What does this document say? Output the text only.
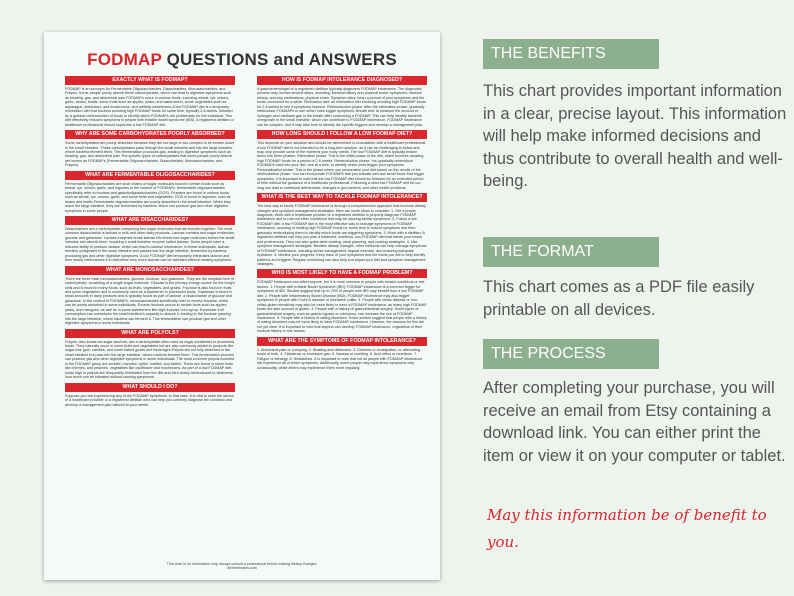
FODMAP QUESTIONS and ANSWERS
EXACTLY WHAT IS FODMAP?
FODMAP is an acronym for Fermentable Oligosaccharides, Disaccharides, Monosaccharides, and Polyols. Some people poorly absorb these carbohydrates, which can lead to digestive symptoms such as bloating, gas, and abdominal pain.FODMAPs occur in various foods, including wheat, rye, onions, garlic, beans, lentils, some fruits such as apples, pears, and watermelon, some vegetables such as asparagus, artichokes, and mushrooms, and artificial sweeteners.A low FODMAP diet is a temporary elimination diet that involves avoiding high FODMAP foods for some time, typically 2-6 weeks, followed by a gradual reintroduction of foods to identify which FODMAPs are problematic for the individual. This diet effectively reduces symptoms in people with irritable bowel syndrome (IBS). A registered dietitian or healthcare professional should supervise a low FODMAP diet.
WHY ARE SOME CARBOHYDRATES POORLY ABSORBED?
Some carbohydrates are poorly absorbed because they are too large or too complex to be broken down in the small intestine. These carbohydrates pass through the small intestine and into the large intestine, where bacteria ferment them. This fermentation produces gas, leading to digestive symptoms such as bloating, gas, and abdominal pain.The specific types of carbohydrates that some people poorly absorb are known as FODMAPs (Fermentable Oligosaccharides, Disaccharides, Monosaccharides, and Polyols).
WHAT ARE FERMENTABLE OLIGOSACCHARIDES?
Fermentable Oligosaccharides are short chains of sugar molecules found in certain foods such as wheat, rye, onions, garlic, and legumes.In the context of FODMAPs, fermentable oligosaccharides specifically refer to fructans and galactooligosaccharides (GOS). Fructans are found in various foods such as wheat, rye, onions, garlic, and some fruits and vegetables. GOS is found in legumes, such as beans and lentils.Fermentable oligosaccharides are poorly absorbed in the small intestine. When they reach the large intestine, they are fermented by bacteria, which can produce gas and other digestive symptoms in some people.
WHAT ARE DISACCHARIDES?
Disaccharides are a carbohydrate comprising two sugar molecules that are bonded together. The most common disaccharide is lactose in milk and other dairy products. Lactose contains two sugar molecules: glucose and galactose. Lactase enzymes break lactose into these two sugar molecules before the small intestine can absorb them, requiring a small intestine enzyme called lactase. Some people have a reduced ability to produce lactase, which can lead to lactose intolerance. In these individuals, lactose remains undigested in the small intestine and passes into the large intestine, fermented by bacteria, producing gas and other digestive symptoms. A low FODMAP diet temporarily eliminates lactose and then slowly reintroduces it to determine how much lactose can be tolerated without causing symptoms.
WHAT ARE MONOSACCHARIDES?
There are three main monosaccharides: glucose, fructose, and galactose. They are the simplest form of carbohydrate, consisting of a single sugar molecule. Glucose is the primary energy source for the body's cells and is found in many foods, such as fruits, vegetables, and grains. Fructose is also found in fruits and some vegetables and is commonly used as a sweetener in processed foods. Galactose is found in small amounts in dairy products and is typically found as part of lactose, a disaccharide of glucose and galactose. In the context of FODMAPs, monosaccharides specifically refer to excess fructose, which can be poorly absorbed in some individuals. Excess fructose occurs in certain fruits such as apples, pears, and mangoes, as well as in some sweeteners like high-fructose corn syrup. Excessive fruit consumption can overwhelm the small intestine's capacity to absorb it, leading to the fructose passing into the large intestine, where bacteria can ferment it. This fermentation can produce gas and other digestive symptoms in some individuals.
WHAT ARE POLYOLS?
Polyols, also known as sugar alcohols, are a carbohydrate often used as sugar substitutes in processed foods. They naturally occur in some fruits and vegetables but are also commonly added to products like sugar-free gum, candies, and some baked goods and beverages.Polyols are not fully absorbed in the small intestine but pass into the large intestine, where bacteria ferment them. This fermentation process can produce gas and other digestive symptoms in some individuals. The most common polyols included in the FODMAP group are sorbitol, mannitol, xylitol, maltitol, and lactitol. These are found in stone fruits like cherries, and peaches, vegetables like cauliflower and mushrooms. As part of a low FODMAP diet, foods high in polyols are temporarily eliminated from the diet and then slowly reintroduced to determine how much can be tolerated without causing symptoms.
WHAT SHOULD I DO?
Suppose you are experiencing any of the FODMAP symptoms. In that case, it is vital to seek the advice of a healthcare provider or a registered dietitian who can help you correctly diagnose the condition and develop a management plan tailored to your needs.
HOW IS FODMAP INTOLERANCE DIAGNOSED?
A gastroenterologist or a registered dietitian typically diagnoses FODMAP intolerance. The diagnostic process may involve several steps, including: Medical history and physical exam: symptoms, medical history, and any medications, physical exam. Symptom diary: keep a journal of your symptoms and the foods consumed for a while. Elimination diet: an elimination diet involving avoiding high FODMAP foods for 2-6 weeks to see if symptoms improve. Reintroduction phase: After the elimination phase, gradually reintroduce FODMAPs to see which ones trigger symptoms. Breath test: to measure the amount of hydrogen and methane gas in the breath after consuming a FODMAP. This can help identify bacterial overgrowth in the small intestine, which can contribute to FODMAP intolerance. FODMAP intolerance can be complex, and it may take time to identify the specific triggers and develop a management plan.
HOW LONG SHOULD I FOLLOW A LOW FODMAP DIET?
This depends on your situation and should be determined in consultation with a healthcare professional. A low FODMAP diet is not intended to be a long-term solution, as it can be challenging to follow and may only provide some of the nutrients your body needs. The low FODMAP diet is typically broken down into three phases: Elimination phase: This is the initial phase of the diet, which involves avoiding high FODMAP foods for a period of 2-6 weeks. Reintroduction phase: You gradually reintroduce FODMAPs back into your diet, one at a time, to identify which ones trigger your symptoms. Personalization phase: This is the phase where you personalize your diet based on the results of the reintroduction phase. You can incorporate FODMAPs that you tolerate well and avoid those that trigger symptoms. It is important to note that the low FODMAP diet should be followed for an extended period of time without the guidance of a healthcare professional. Following a strict low FODMAP diet for too long can lead to nutritional deficiencies, changes in gut bacteria, and other health problems.
WHAT IS THE BEST WAY TO TACKLE FODMAP INTOLERANCE?
The best way to tackle FODMAP intolerance is through a comprehensive approach that involves dietary changes and symptom management strategies. Here are some steps to consider: 1. Get a proper diagnosis: Work with a healthcare provider or a registered dietitian to properly diagnose FODMAP intolerance and to rule out other conditions that may be causing similar symptoms. 2. Follow a low FODMAP diet: a low FODMAP diet is the most effective way to manage symptoms of FODMAP intolerance, avoiding or limiting high FODMAP foods for some time to reduce symptoms and then gradually reintroducing them to identify which foods are triggering symptoms. 3. Work with a dietitian: A registered dietitian can help you plan a balanced, nutritious, low-FODMAP diet that meets your needs and preferences. They can also guide label reading, meal planning, and cooking strategies. 4. Use symptom management strategies: Besides dietary changes, other methods can help manage symptoms of FODMAP intolerance, including stress management, regular exercise, and ensuring adequate hydration. 5. Monitor your progress: Keep track of your symptoms and the foods you eat to help identify patterns and triggers. Regular monitoring can also help you adjust your diet and symptom management strategies.
WHO IS MOST LIKELY TO HAVE A FODMAP PROBLEM?
FODMAP intolerance can affect anyone, but it is more common in people with certain conditions or risk factors. 1. People with Irritable Bowel Syndrome (IBS): FODMAP intolerance is a common trigger for symptoms of IBS. Studies suggest that up to 75% of people with IBS may benefit from a low FODMAP diet. 2. People with Inflammatory Bowel Disease (IBD): FODMAP intolerance may also trigger symptoms in people with Crohn's disease or ulcerative colitis. 3. People with celiac disease or non-celiac gluten sensitivity may also be more likely to have a FODMAP intolerance, as many high FODMAP foods are also sources of gluten. 4. People with a history of gastrointestinal surgery: Some types of gastrointestinal surgery, such as gastric bypass or colectomy, can increase the risk of FODMAP intolerance. 5. People with a history of eating disorders: Some studies suggest that people with a history of eating disorders may be more likely to have FODMAP intolerance. However, the reasons for this are not yet clear. It is important to note that anyone can develop FODMAP intolerance, regardless of their medical history or risk factors.
WHAT ARE THE SYMPTOMS OF FODMAP INTOLERANCE?
1. Abdominal pain or cramping. 2. Bloating and distension. 3. Diarrhea or constipation, or alternating bouts of both. 4. Flatulence or excessive gas. 5. Nausea or vomiting. 6. Acid reflux or heartburn. 7. Fatigue or lethargy. 8. Headaches. It is important to note that not all people with FODMAP intolerance will experience all of these symptoms. Additionally, some people may experience symptoms only occasionally, while others may experience them more regularly.
This chart is for information only, always consult a professional before making dietary changes.
dietreminders.com
THE BENEFITS
This chart provides important information in a clear, precise layout. This information will help make informed decisions and thus contribute to overall health and well-being.
THE FORMAT
This chart comes as a PDF file easily printable on all devices.
THE PROCESS
After completing your purchase, you will receive an email from Etsy containing a download link. You can either print the item or view it on your computer or tablet.
May this information be of benefit to you.
